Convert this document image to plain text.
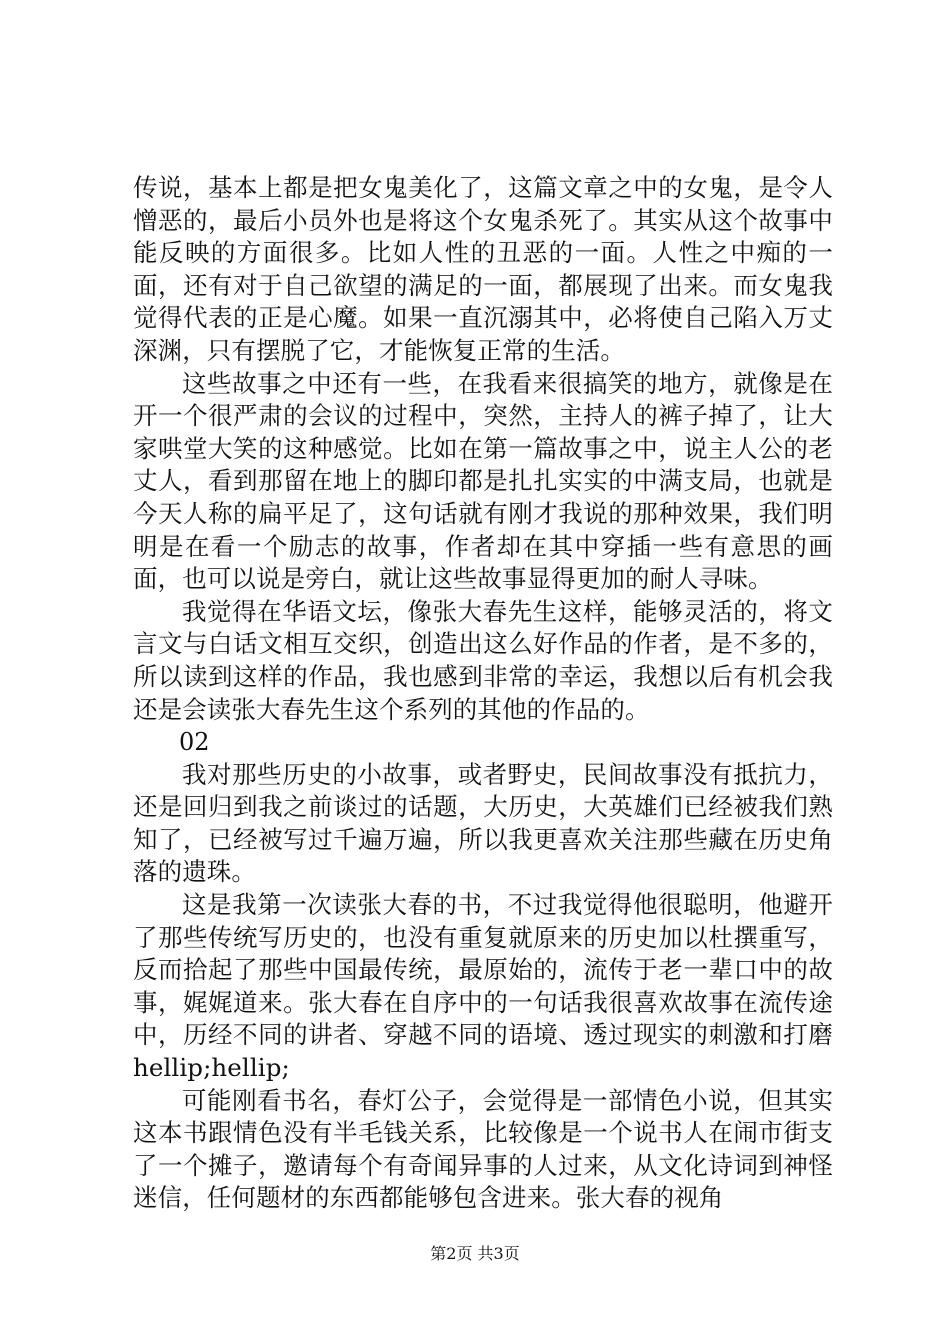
传说，基本上都是把女鬼美化了，这篇文章之中的女鬼，是令人憎恶的，最后小员外也是将这个女鬼杀死了。其实从这个故事中能反映的方面很多。比如人性的丑恶的一面。人性之中痴的一面，还有对于自己欲望的满足的一面，都展现了出来。而女鬼我觉得代表的正是心魔。如果一直沉溺其中，必将使自己陷入万丈深渊，只有摆脱了它，才能恢复正常的生活。

这些故事之中还有一些，在我看来很搞笑的地方，就像是在开一个很严肃的会议的过程中，突然，主持人的裤子掉了，让大家哄堂大笑的这种感觉。比如在第一篇故事之中，说主人公的老丈人，看到那留在地上的脚印都是扎扎实实的中满支局，也就是今天人称的扁平足了，这句话就有刚才我说的那种效果，我们明明是在看一个励志的故事，作者却在其中穿插一些有意思的画面，也可以说是旁白，就让这些故事显得更加的耐人寻味。

我觉得在华语文坛，像张大春先生这样，能够灵活的，将文言文与白话文相互交织，创造出这么好作品的作者，是不多的，所以读到这样的作品，我也感到非常的幸运，我想以后有机会我还是会读张大春先生这个系列的其他的作品的。

02

我对那些历史的小故事，或者野史，民间故事没有抵抗力，还是回归到我之前谈过的话题，大历史，大英雄们已经被我们熟知了，已经被写过千遍万遍，所以我更喜欢关注那些藏在历史角落的遗珠。

这是我第一次读张大春的书，不过我觉得他很聪明，他避开了那些传统写历史的，也没有重复就原来的历史加以杜撰重写，反而拾起了那些中国最传统，最原始的，流传于老一辈口中的故事，娓娓道来。张大春在自序中的一句话我很喜欢故事在流传途中，历经不同的讲者、穿越不同的语境、透过现实的刺激和打磨hellip;hellip;

可能刚看书名，春灯公子，会觉得是一部情色小说，但其实这本书跟情色没有半毛钱关系，比较像是一个说书人在闹市街支了一个摊子，邀请每个有奇闻异事的人过来，从文化诗词到神怪迷信，任何题材的东西都能够包含进来。张大春的视角

第2页 共3页
